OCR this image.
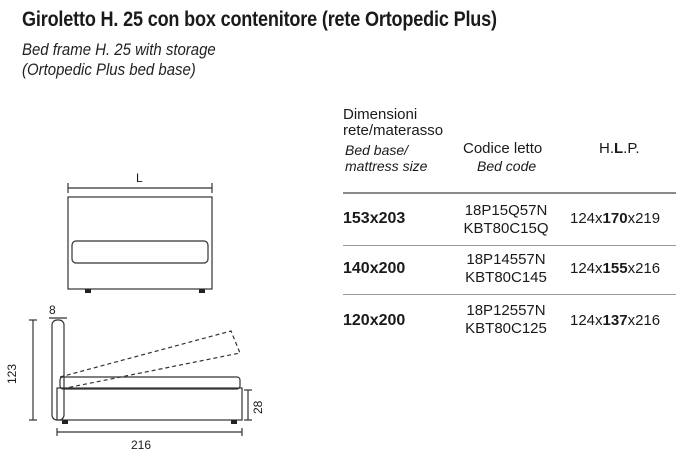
Giroletto H. 25 con box contenitore (rete Ortopedic Plus)
Bed frame H. 25 with storage
(Ortopedic Plus bed base)
Dimensioni
rete/materasso
Bed base/
mattress size
Codice letto
Bed code
H.L.P.
153x203	18P15Q57N
KBT80C15Q
124x170x219
140x200
18P14557N
KBT80C145
124x155x216
120x200
18P12557N
KBT80C125	124x137x216
L
8
123
28
216
